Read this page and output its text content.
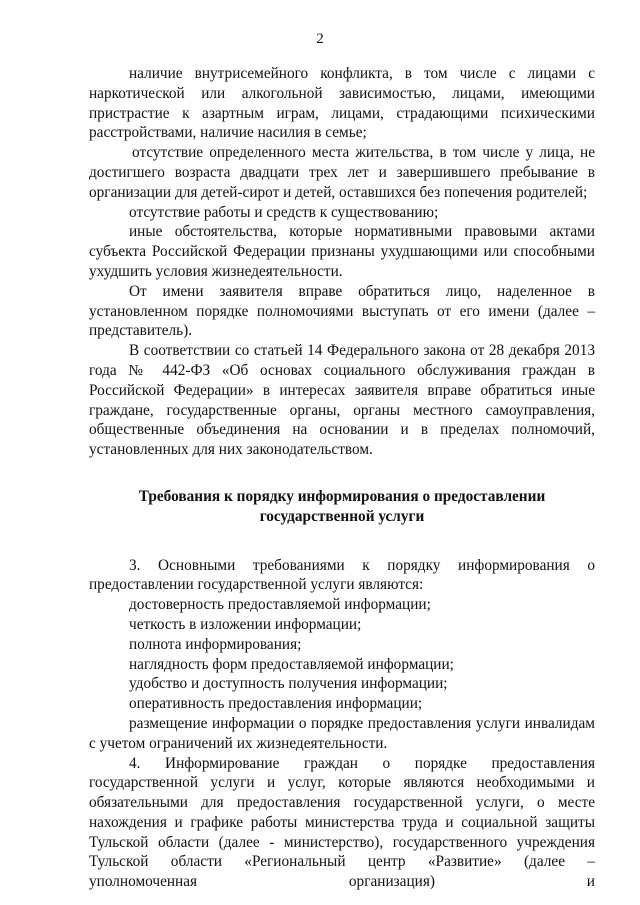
2

наличие внутрисемейного конфликта, в том числе с лицами с наркотической или алкогольной зависимостью, лицами, имеющими пристрастие к азартным играм, лицами, страдающими психическими расстройствами, наличие насилия в семье;

отсутствие определенного места жительства, в том числе у лица, не достигшего возраста двадцати трех лет и завершившего пребывание в организации для детей-сирот и детей, оставшихся без попечения родителей;

отсутствие работы и средств к существованию;

иные обстоятельства, которые нормативными правовыми актами субъекта Российской Федерации признаны ухудшающими или способными ухудшить условия жизнедеятельности.

От имени заявителя вправе обратиться лицо, наделенное в установленном порядке полномочиями выступать от его имени (далее – представитель).

В соответствии со статьей 14 Федерального закона от 28 декабря 2013 года № 442-ФЗ «Об основах социального обслуживания граждан в Российской Федерации» в интересах заявителя вправе обратиться иные граждане, государственные органы, органы местного самоуправления, общественные объединения на основании и в пределах полномочий, установленных для них законодательством.

Требования к порядку информирования о предоставлении
государственной услуги

3. Основными требованиями к порядку информирования о предоставлении государственной услуги являются:

достоверность предоставляемой информации;

четкость в изложении информации;

полнота информирования;

наглядность форм предоставляемой информации;

удобство и доступность получения информации;

оперативность предоставления информации;

размещение информации о порядке предоставления услуги инвалидам с учетом ограничений их жизнедеятельности.

4. Информирование граждан о порядке предоставления государственной услуги и услуг, которые являются необходимыми и обязательными для предоставления государственной услуги, о месте нахождения и графике работы министерства труда и социальной защиты Тульской области (далее - министерство), государственного учреждения Тульской области «Региональный центр «Развитие» (далее – уполномоченная организация) и
